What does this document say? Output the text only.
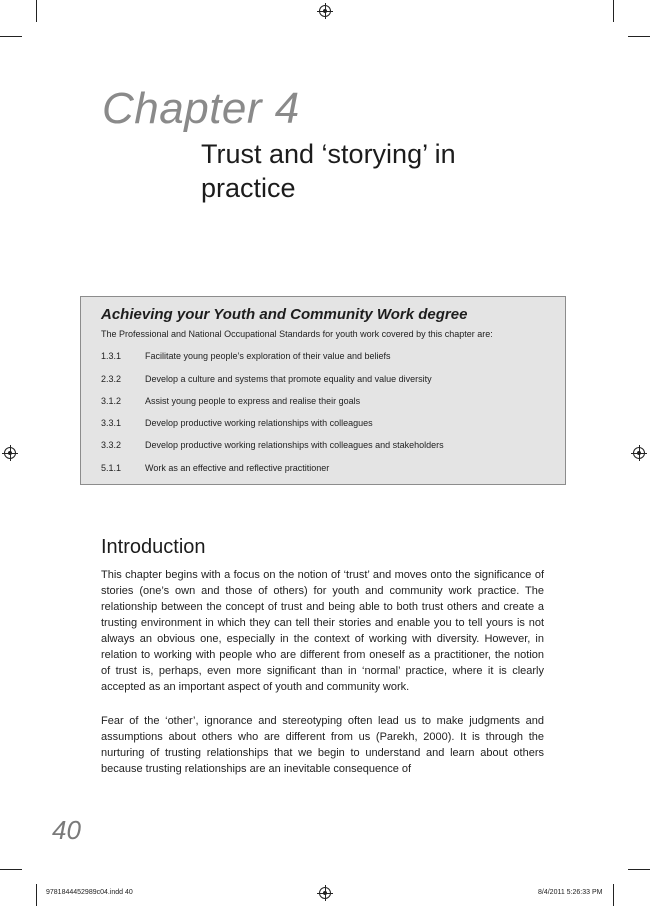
Chapter 4
Trust and ‘storying’ in practice
Achieving your Youth and Community Work degree
The Professional and National Occupational Standards for youth work covered by this chapter are:
1.3.1	Facilitate young people’s exploration of their value and beliefs
2.3.2	Develop a culture and systems that promote equality and value diversity
3.1.2	Assist young people to express and realise their goals
3.3.1	Develop productive working relationships with colleagues
3.3.2	Develop productive working relationships with colleagues and stakeholders
5.1.1	Work as an effective and reflective practitioner
Introduction
This chapter begins with a focus on the notion of ‘trust’ and moves onto the significance of stories (one’s own and those of others) for youth and community work practice. The relationship between the concept of trust and being able to both trust others and create a trusting environment in which they can tell their stories and enable you to tell yours is not always an obvious one, especially in the context of working with diversity. However, in relation to working with people who are different from oneself as a practitioner, the notion of trust is, perhaps, even more significant than in ‘normal’ practice, where it is clearly accepted as an important aspect of youth and community work.
Fear of the ‘other’, ignorance and stereotyping often lead us to make judgments and assumptions about others who are different from us (Parekh, 2000). It is through the nurturing of trusting relationships that we begin to understand and learn about others because trusting relationships are an inevitable consequence of
40
9781844452989c04.indd 40	8/4/2011 5:26:33 PM
